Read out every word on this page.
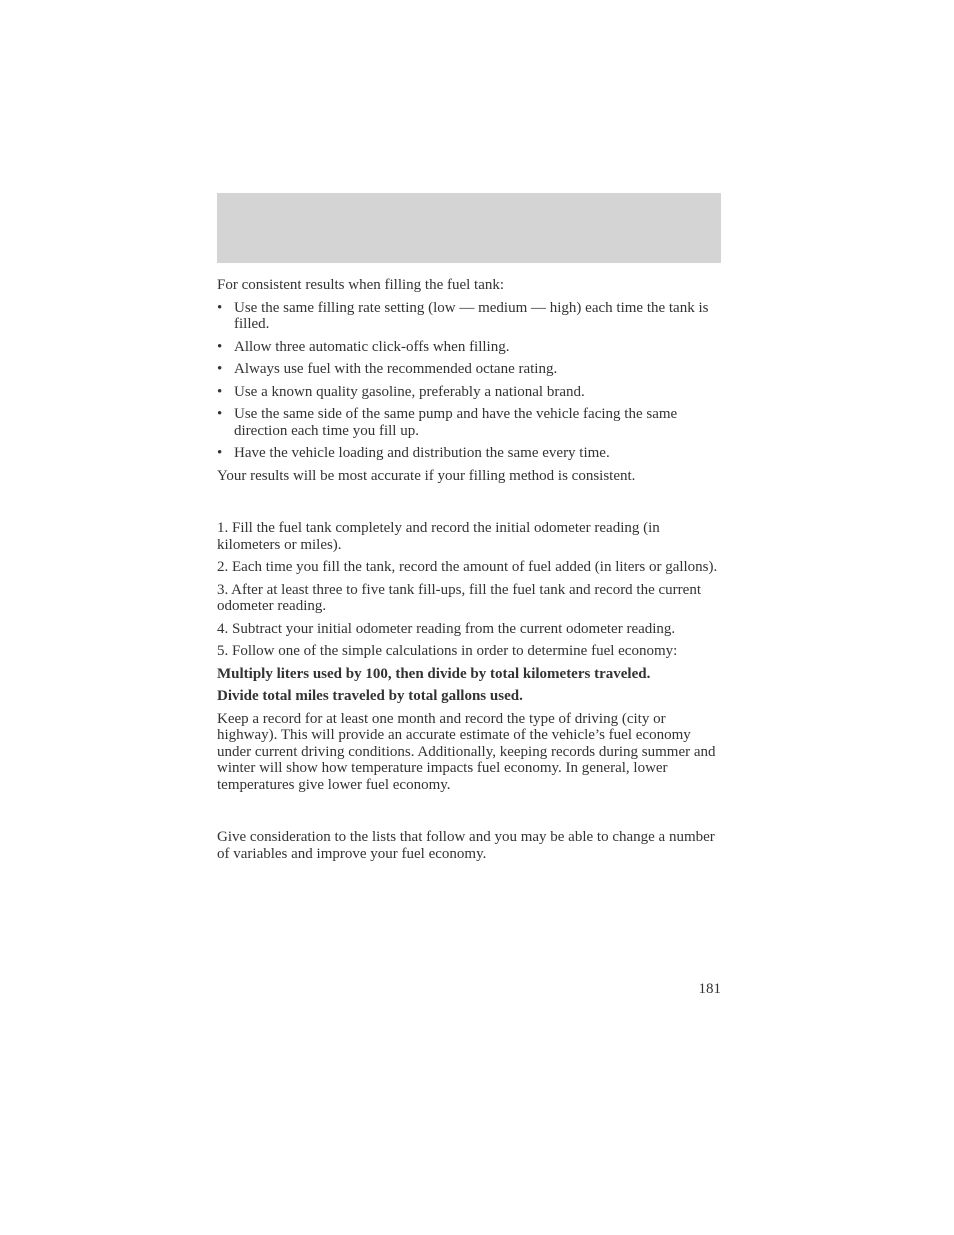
For consistent results when filling the fuel tank:

• Use the same filling rate setting (low — medium — high) each time the tank is filled.
• Allow three automatic click-offs when filling.
• Always use fuel with the recommended octane rating.
• Use a known quality gasoline, preferably a national brand.
• Use the same side of the same pump and have the vehicle facing the same direction each time you fill up.
• Have the vehicle loading and distribution the same every time.

Your results will be most accurate if your filling method is consistent.

1. Fill the fuel tank completely and record the initial odometer reading (in kilometers or miles).

2. Each time you fill the tank, record the amount of fuel added (in liters or gallons).

3. After at least three to five tank fill-ups, fill the fuel tank and record the current odometer reading.

4. Subtract your initial odometer reading from the current odometer reading.

5. Follow one of the simple calculations in order to determine fuel economy:

Multiply liters used by 100, then divide by total kilometers traveled.

Divide total miles traveled by total gallons used.

Keep a record for at least one month and record the type of driving (city or highway). This will provide an accurate estimate of the vehicle’s fuel economy under current driving conditions. Additionally, keeping records during summer and winter will show how temperature impacts fuel economy. In general, lower temperatures give lower fuel economy.

Give consideration to the lists that follow and you may be able to change a number of variables and improve your fuel economy.

181
